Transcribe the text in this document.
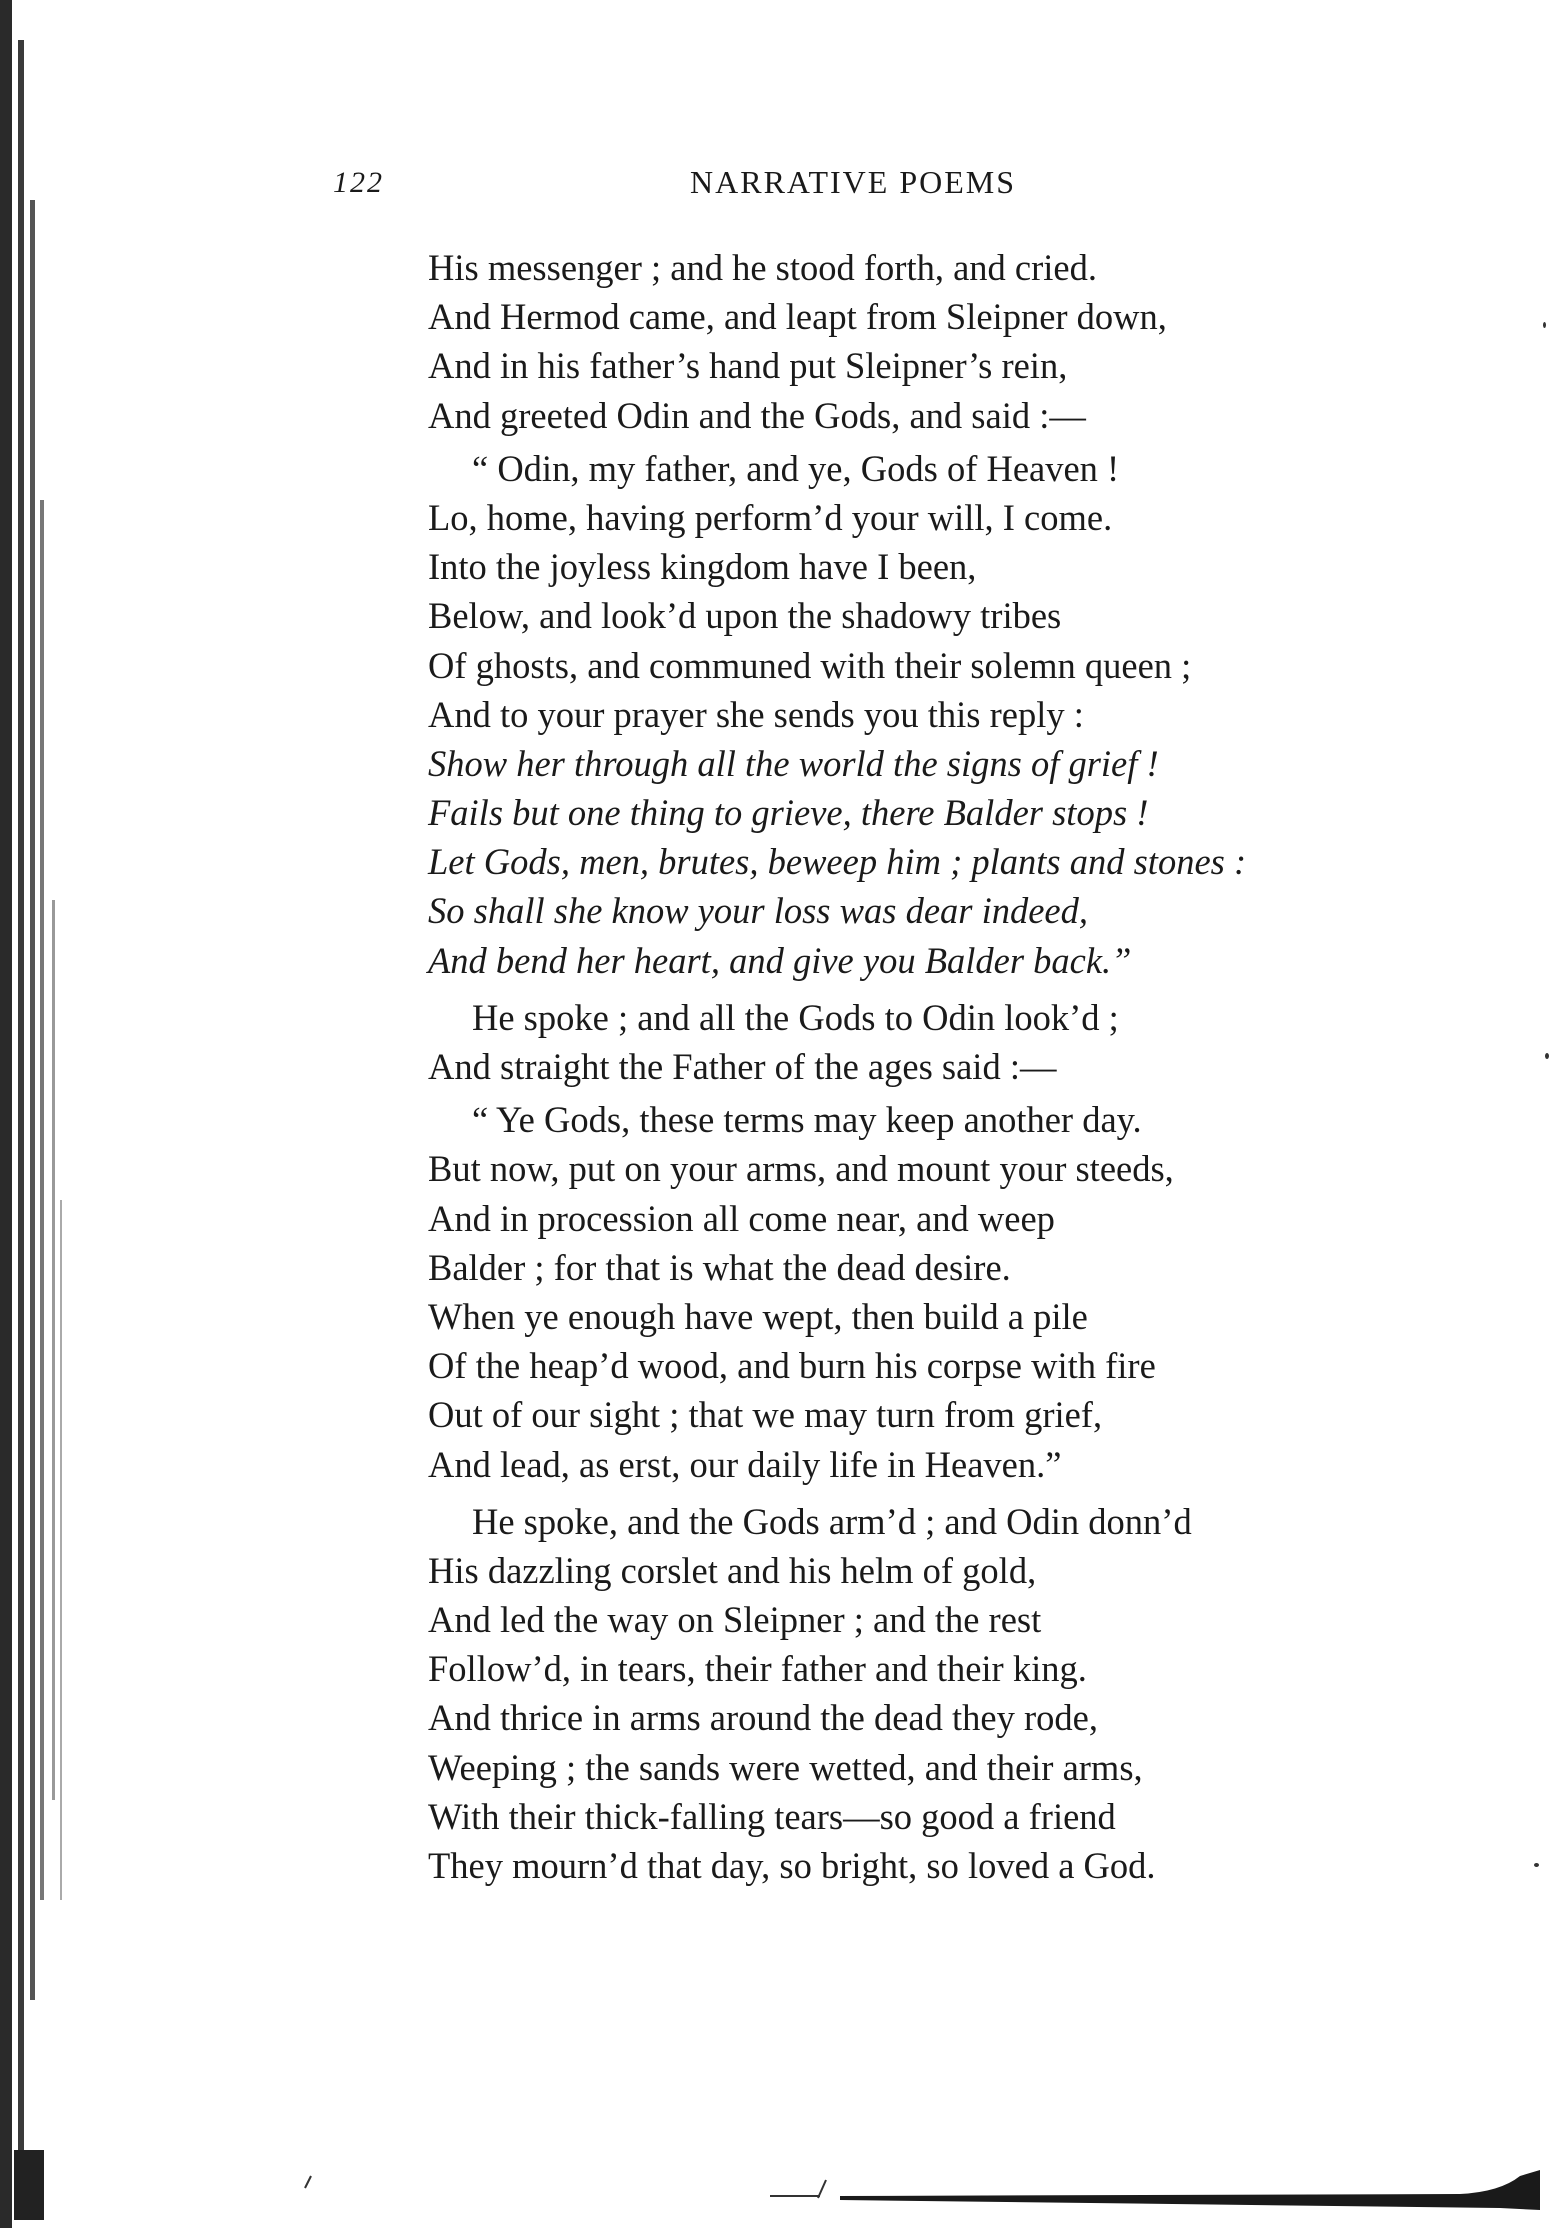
122	NARRATIVE POEMS
His messenger ; and he stood forth, and cried.
And Hermod came, and leapt from Sleipner down,
And in his father’s hand put Sleipner’s rein,
And greeted Odin and the Gods, and said :—
“ Odin, my father, and ye, Gods of Heaven !
Lo, home, having perform’d your will, I come.
Into the joyless kingdom have I been,
Below, and look’d upon the shadowy tribes
Of ghosts, and communed with their solemn queen ;
And to your prayer she sends you this reply :
Show her through all the world the signs of grief !
Fails but one thing to grieve, there Balder stops !
Let Gods, men, brutes, beweep him ; plants and stones :
So shall she know your loss was dear indeed,
And bend her heart, and give you Balder back.”
He spoke ; and all the Gods to Odin look’d ;
And straight the Father of the ages said :—
“ Ye Gods, these terms may keep another day.
But now, put on your arms, and mount your steeds,
And in procession all come near, and weep
Balder ; for that is what the dead desire.
When ye enough have wept, then build a pile
Of the heap’d wood, and burn his corpse with fire
Out of our sight ; that we may turn from grief,
And lead, as erst, our daily life in Heaven.”
He spoke, and the Gods arm’d ; and Odin donn’d
His dazzling corslet and his helm of gold,
And led the way on Sleipner ; and the rest
Follow’d, in tears, their father and their king.
And thrice in arms around the dead they rode,
Weeping ; the sands were wetted, and their arms,
With their thick-falling tears—so good a friend
They mourn’d that day, so bright, so loved a God.
